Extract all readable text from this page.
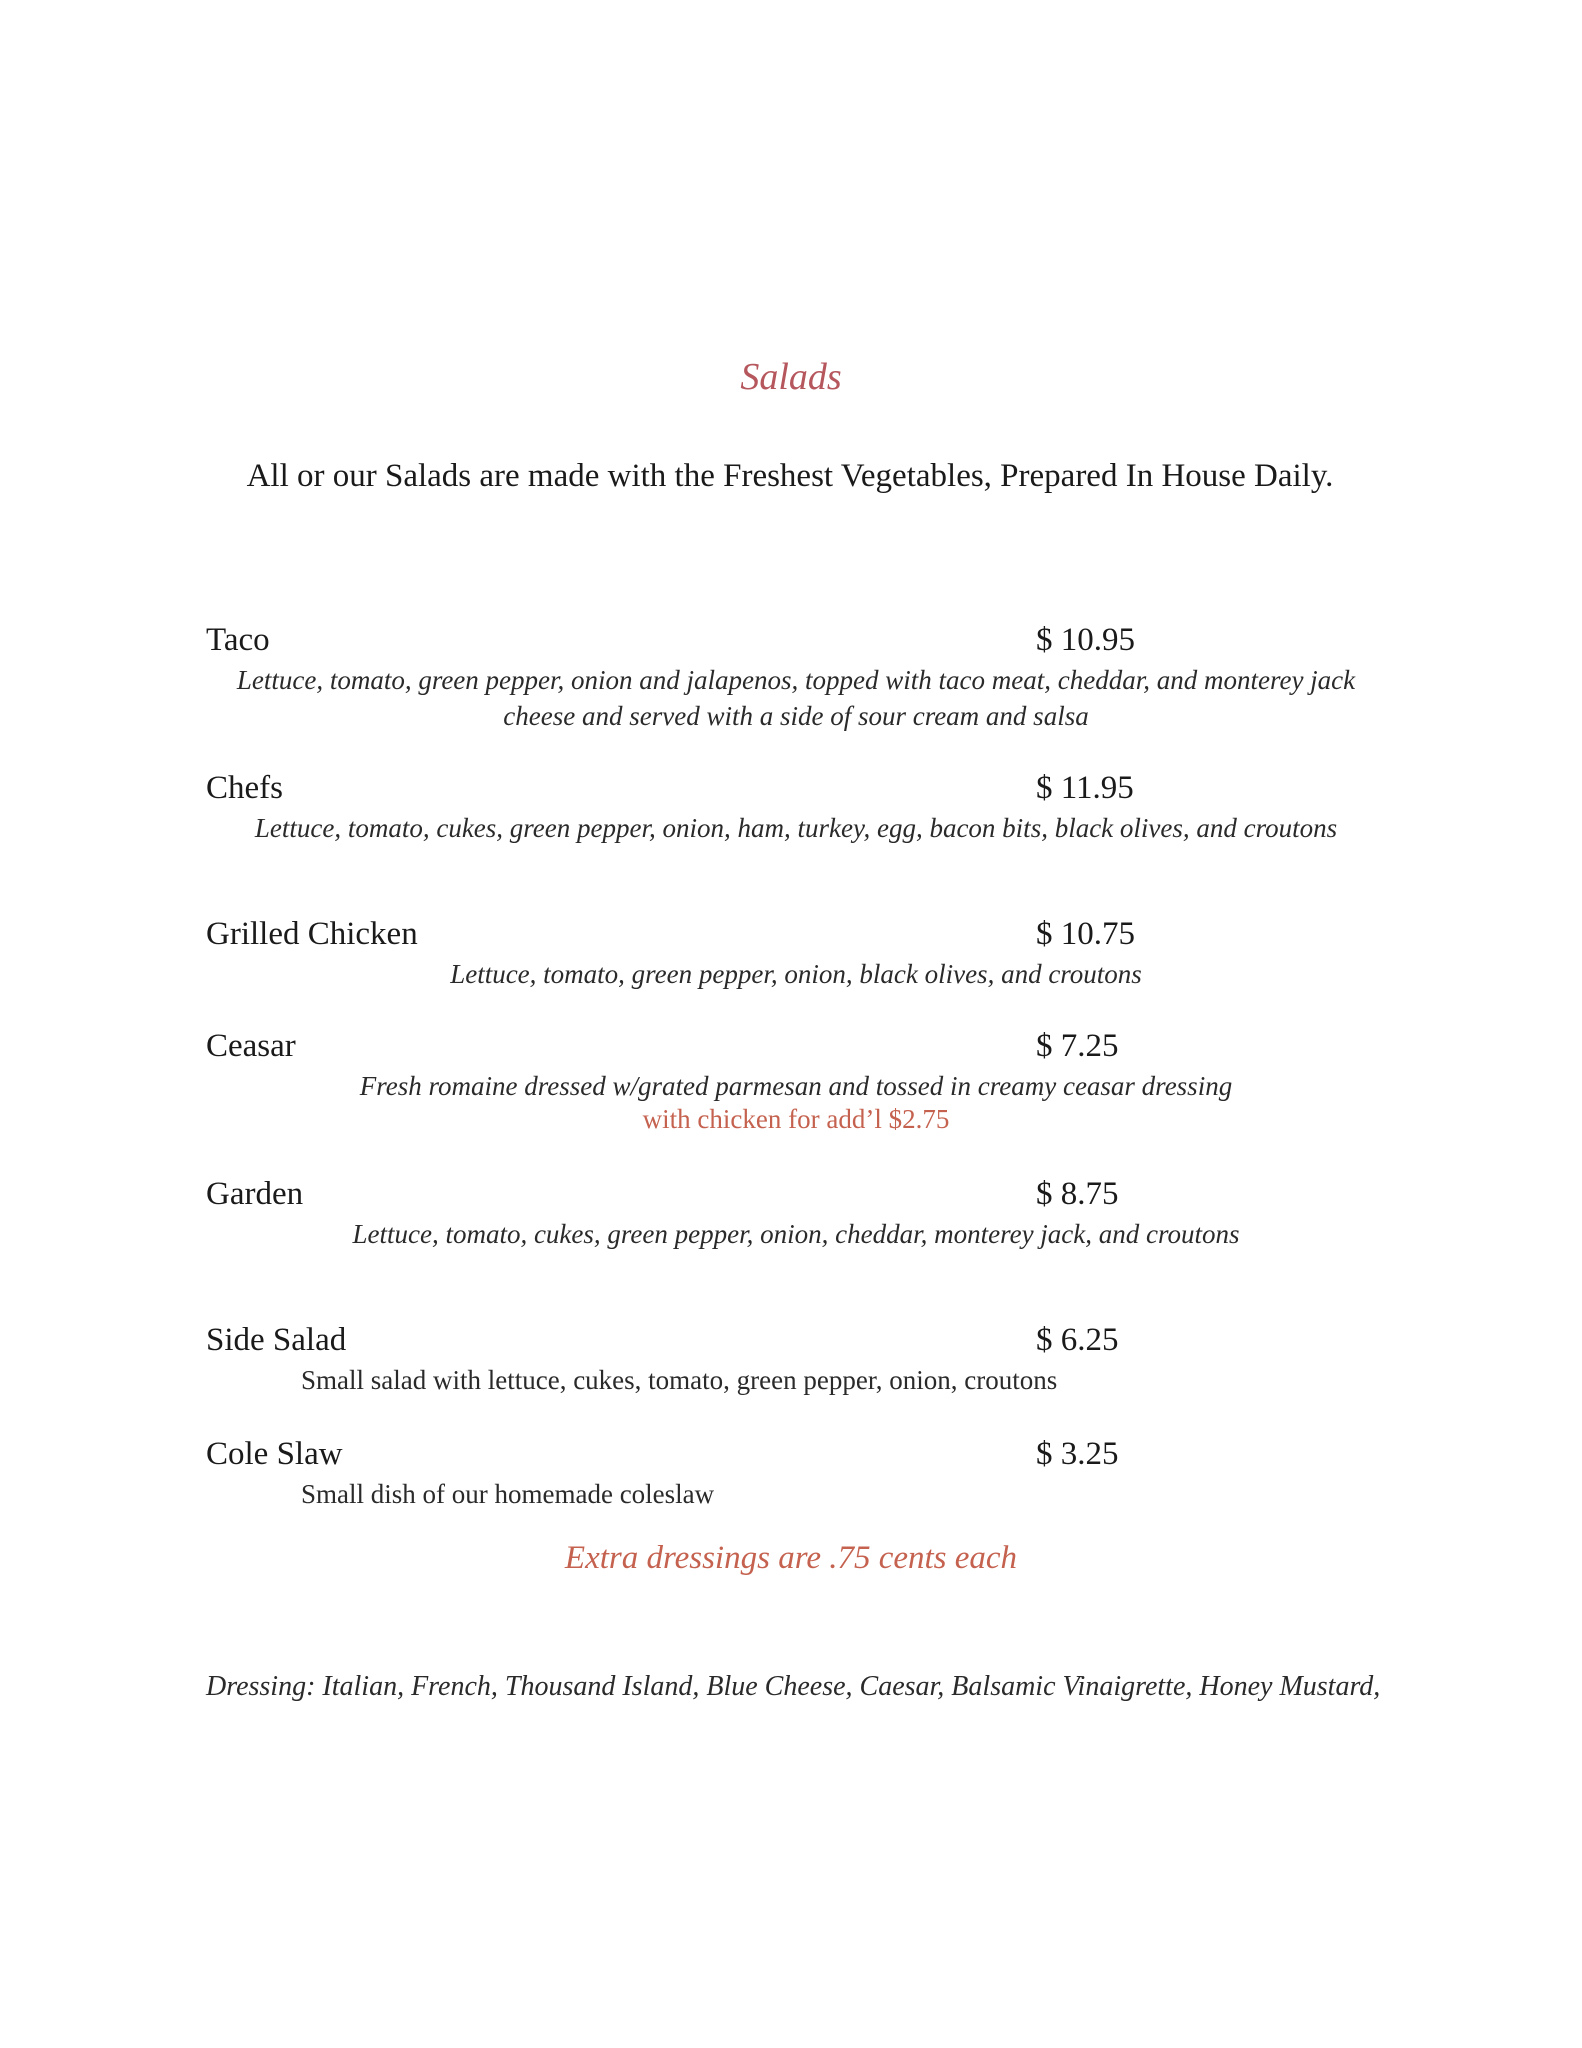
Salads
All or our Salads are made with the Freshest Vegetables, Prepared In House Daily.
Taco	$ 10.95
Lettuce, tomato, green pepper, onion and jalapenos, topped with taco meat, cheddar, and monterey jack cheese and served with a side of sour cream and salsa
Chefs	$ 11.95
Lettuce, tomato, cukes, green pepper, onion, ham, turkey, egg, bacon bits, black olives, and croutons
Grilled Chicken	$ 10.75
Lettuce, tomato, green pepper, onion, black olives, and croutons
Ceasar	$ 7.25
Fresh romaine dressed w/grated parmesan and tossed in creamy ceasar dressing
with chicken for add’l $2.75
Garden	$ 8.75
Lettuce, tomato, cukes, green pepper, onion, cheddar, monterey jack, and croutons
Side Salad	$ 6.25
Small salad with lettuce, cukes, tomato, green pepper, onion, croutons
Cole Slaw	$ 3.25
Small dish of our homemade coleslaw
Extra dressings are .75 cents each
Dressing: Italian, French, Thousand Island, Blue Cheese, Caesar, Balsamic Vinaigrette, Honey Mustard,
